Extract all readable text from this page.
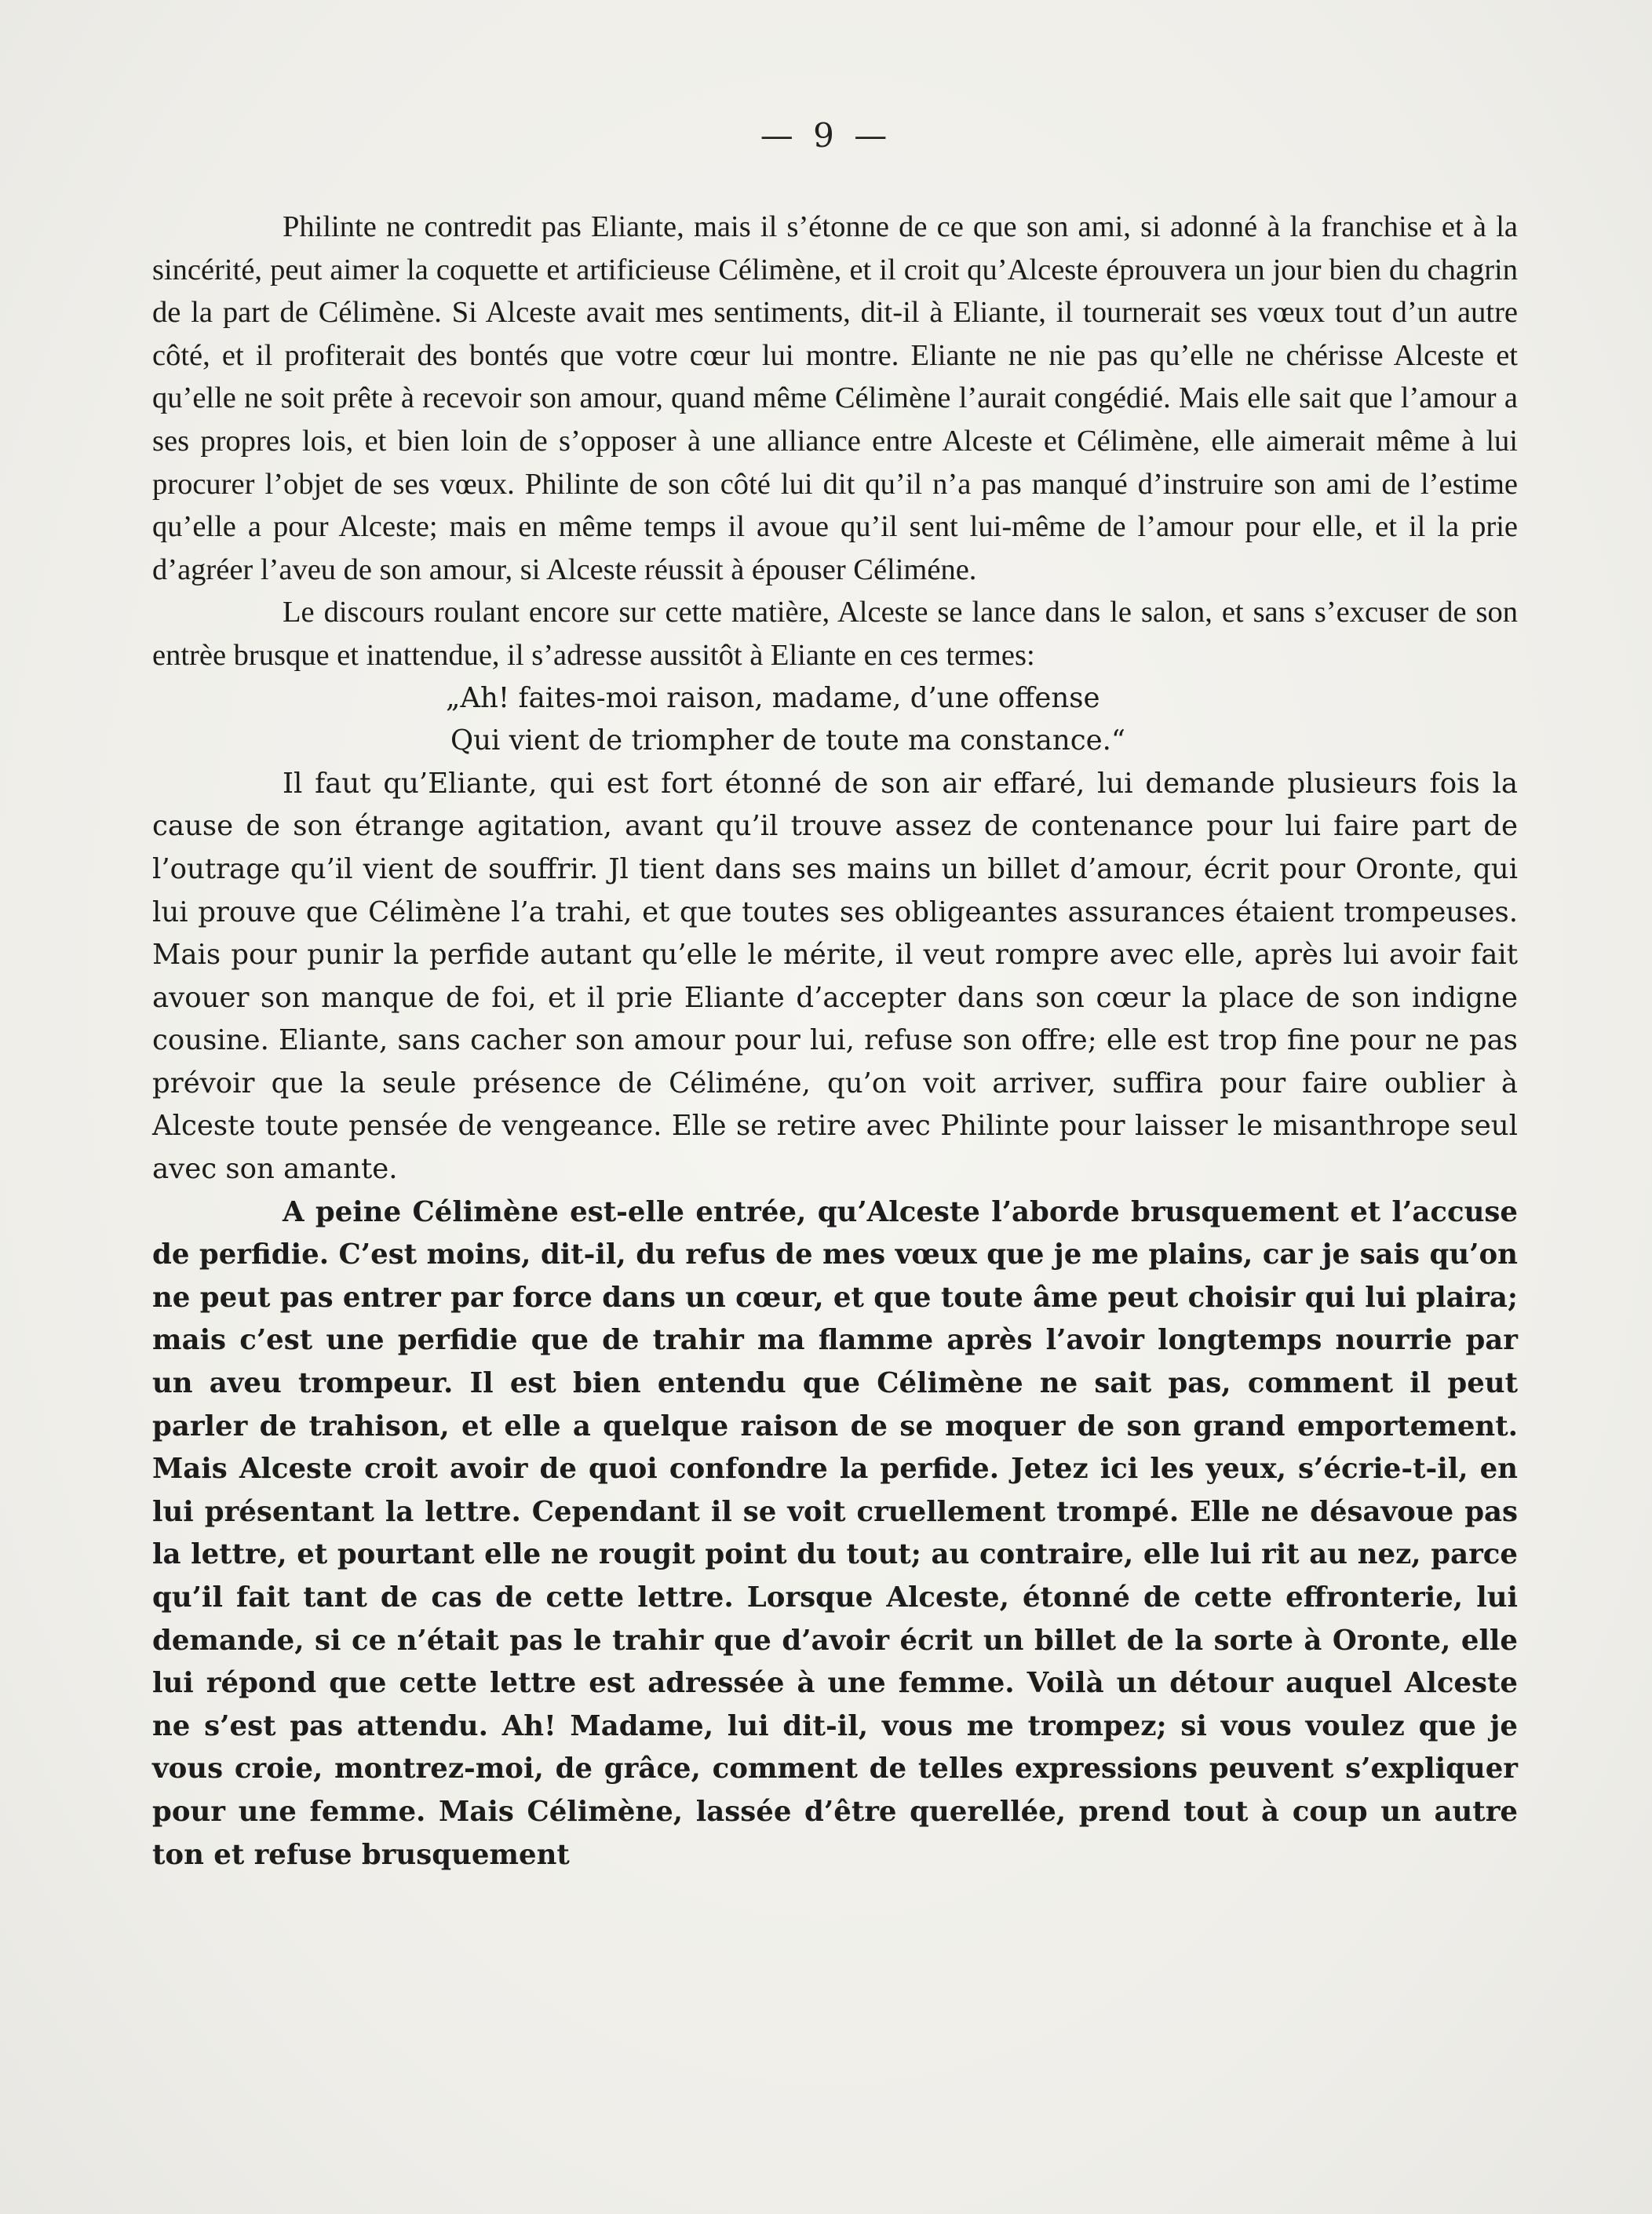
— 9 —

Philinte ne contredit pas Eliante, mais il s’étonne de ce que son ami, si adonné à la franchise et à la sincérité, peut aimer la coquette et artificieuse Célimène, et il croit qu’Alceste éprouvera un jour bien du chagrin de la part de Célimène. Si Alceste avait mes sentiments, dit-il à Eliante, il tournerait ses vœux tout d’un autre côté, et il profiterait des bontés que votre cœur lui montre. Eliante ne nie pas qu’elle ne chérisse Alceste et qu’elle ne soit prête à recevoir son amour, quand même Célimène l’aurait congédié. Mais elle sait que l’amour a ses propres lois, et bien loin de s’opposer à une alliance entre Alceste et Célimène, elle aimerait même à lui procurer l’objet de ses vœux. Philinte de son côté lui dit qu’il n’a pas manqué d’instruire son ami de l’estime qu’elle a pour Alceste; mais en même temps il avoue qu’il sent lui-même de l’amour pour elle, et il la prie d’agréer l’aveu de son amour, si Alceste réussit à épouser Céliméne.

Le discours roulant encore sur cette matière, Alceste se lance dans le salon, et sans s’excuser de son entrèe brusque et inattendue, il s’adresse aussitôt à Eliante en ces termes:

„Ah! faites-moi raison, madame, d’une offense
Qui vient de triompher de toute ma constance.“

Il faut qu’Eliante, qui est fort étonné de son air effaré, lui demande plusieurs fois la cause de son étrange agitation, avant qu’il trouve assez de contenance pour lui faire part de l’outrage qu’il vient de souffrir. Jl tient dans ses mains un billet d’amour, écrit pour Oronte, qui lui prouve que Célimène l’a trahi, et que toutes ses obligeantes assurances étaient trompeuses. Mais pour punir la perfide autant qu’elle le mérite, il veut rompre avec elle, après lui avoir fait avouer son manque de foi, et il prie Eliante d’accepter dans son cœur la place de son indigne cousine. Eliante, sans cacher son amour pour lui, refuse son offre; elle est trop fine pour ne pas prévoir que la seule présence de Céliméne, qu’on voit arriver, suffira pour faire oublier à Alceste toute pensée de vengeance. Elle se retire avec Philinte pour laisser le misanthrope seul avec son amante.

A peine Célimène est-elle entrée, qu’Alceste l’aborde brusquement et l’accuse de perfidie. C’est moins, dit-il, du refus de mes vœux que je me plains, car je sais qu’on ne peut pas entrer par force dans un cœur, et que toute âme peut choisir qui lui plaira; mais c’est une perfidie que de trahir ma flamme après l’avoir longtemps nourrie par un aveu trompeur. Il est bien entendu que Célimène ne sait pas, comment il peut parler de trahison, et elle a quelque raison de se moquer de son grand emportement. Mais Alceste croit avoir de quoi confondre la perfide. Jetez ici les yeux, s’écrie-t-il, en lui présentant la lettre. Cependant il se voit cruellement trompé. Elle ne désavoue pas la lettre, et pourtant elle ne rougit point du tout; au contraire, elle lui rit au nez, parce qu’il fait tant de cas de cette lettre. Lorsque Alceste, étonné de cette effronterie, lui demande, si ce n’était pas le trahir que d’avoir écrit un billet de la sorte à Oronte, elle lui répond que cette lettre est adressée à une femme. Voilà un détour auquel Alceste ne s’est pas attendu. Ah! Madame, lui dit-il, vous me trompez; si vous voulez que je vous croie, montrez-moi, de grâce, comment de telles expressions peuvent s’expliquer pour une femme. Mais Célimène, lassée d’être querellée, prend tout à coup un autre ton et refuse brusquement
